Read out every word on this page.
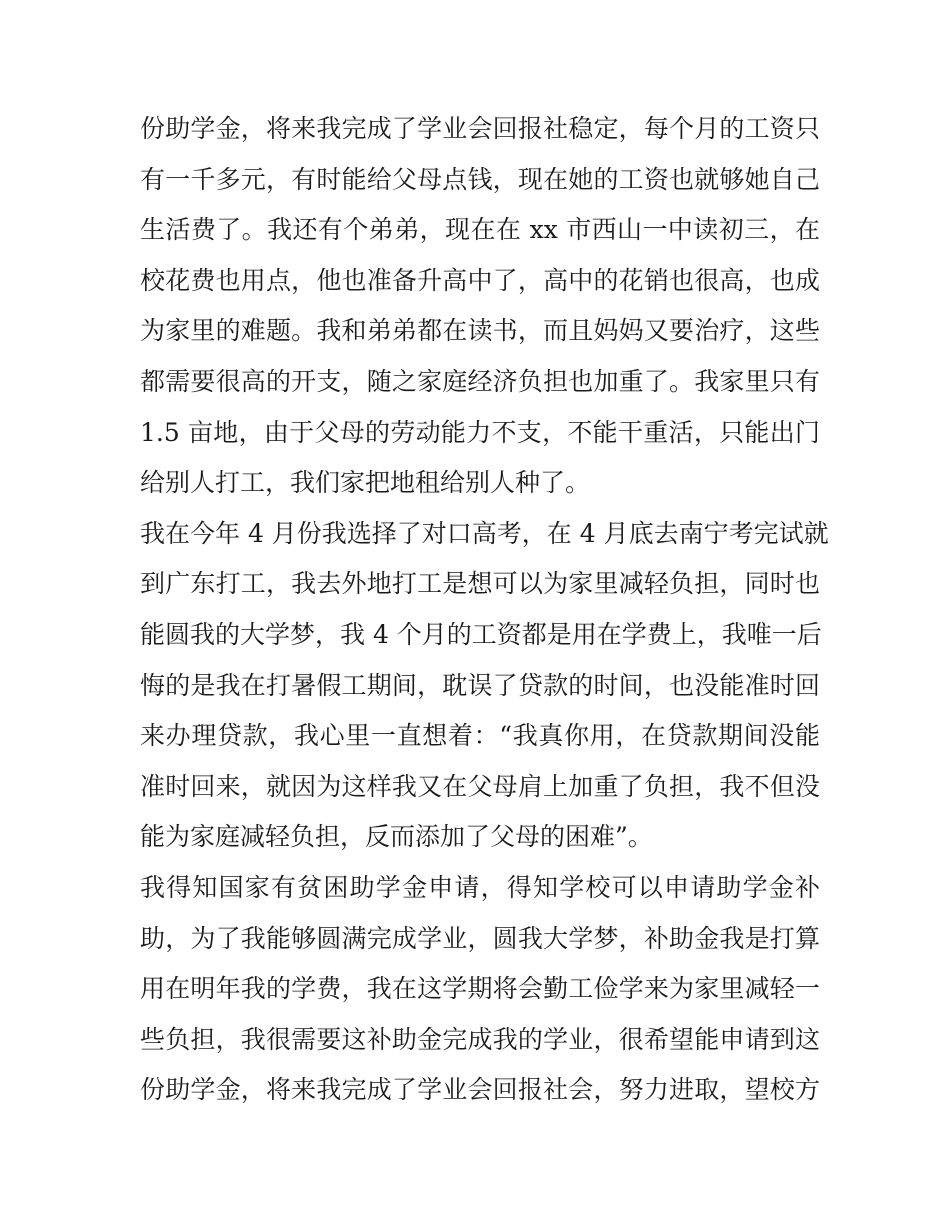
份助学金，将来我完成了学业会回报社稳定，每个月的工资只
有一千多元，有时能给父母点钱，现在她的工资也就够她自己
生活费了。我还有个弟弟，现在在 xx 市西山一中读初三，在
校花费也用点，他也准备升高中了，高中的花销也很高，也成
为家里的难题。我和弟弟都在读书，而且妈妈又要治疗，这些
都需要很高的开支，随之家庭经济负担也加重了。我家里只有
1.5 亩地，由于父母的劳动能力不支，不能干重活，只能出门
给别人打工，我们家把地租给别人种了。
我在今年 4 月份我选择了对口高考，在 4 月底去南宁考完试就
到广东打工，我去外地打工是想可以为家里减轻负担，同时也
能圆我的大学梦，我 4 个月的工资都是用在学费上，我唯一后
悔的是我在打暑假工期间，耽误了贷款的时间，也没能准时回
来办理贷款，我心里一直想着：“我真你用，在贷款期间没能
准时回来，就因为这样我又在父母肩上加重了负担，我不但没
能为家庭减轻负担，反而添加了父母的困难”。
我得知国家有贫困助学金申请，得知学校可以申请助学金补
助，为了我能够圆满完成学业，圆我大学梦，补助金我是打算
用在明年我的学费，我在这学期将会勤工俭学来为家里减轻一
些负担，我很需要这补助金完成我的学业，很希望能申请到这
份助学金，将来我完成了学业会回报社会，努力进取，望校方
